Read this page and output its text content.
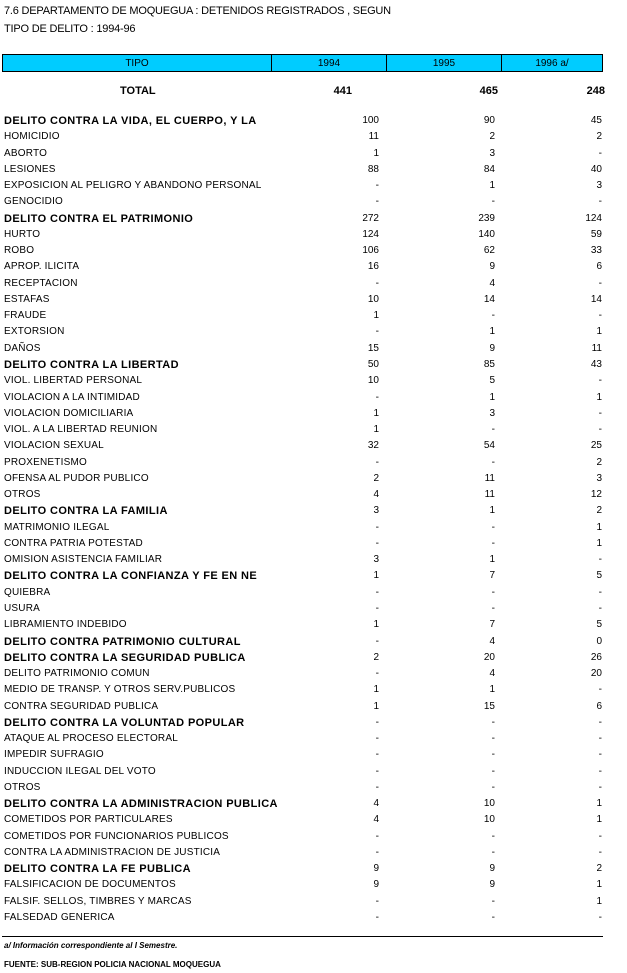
7.6 DEPARTAMENTO DE MOQUEGUA : DETENIDOS REGISTRADOS , SEGUN
TIPO DE DELITO : 1994-96
TIPO	1994	1995	1996 a/
TOTAL	441	465	248
DELITO CONTRA LA VIDA, EL CUERPO, Y LA	100	90	45
HOMICIDIO	11	2	2
ABORTO	1	3	-
LESIONES	88	84	40
EXPOSICION AL PELIGRO Y ABANDONO PERSONAL	-	1	3
GENOCIDIO	-	-	-
DELITO CONTRA EL PATRIMONIO	272	239	124
HURTO	124	140	59
ROBO	106	62	33
APROP. ILICITA	16	9	6
RECEPTACION	-	4	-
ESTAFAS	10	14	14
FRAUDE	1	-	-
EXTORSION	-	1	1
DAÑOS	15	9	11
DELITO CONTRA LA LIBERTAD	50	85	43
VIOL. LIBERTAD PERSONAL	10	5	-
VIOLACION A LA INTIMIDAD	-	1	1
VIOLACION DOMICILIARIA	1	3	-
VIOL. A LA LIBERTAD REUNION	1	-	-
VIOLACION SEXUAL	32	54	25
PROXENETISMO	-	-	2
OFENSA AL PUDOR PUBLICO	2	11	3
OTROS	4	11	12
DELITO CONTRA LA FAMILIA	3	1	2
MATRIMONIO ILEGAL	-	-	1
CONTRA PATRIA POTESTAD	-	-	1
OMISION ASISTENCIA FAMILIAR	3	1	-
DELITO CONTRA LA CONFIANZA Y FE EN NE	1	7	5
QUIEBRA	-	-	-
USURA	-	-	-
LIBRAMIENTO INDEBIDO	1	7	5
DELITO CONTRA PATRIMONIO CULTURAL	-	4	0
DELITO CONTRA LA SEGURIDAD PUBLICA	2	20	26
DELITO PATRIMONIO COMUN	-	4	20
MEDIO DE TRANSP. Y OTROS SERV.PUBLICOS	1	1	-
CONTRA SEGURIDAD PUBLICA	1	15	6
DELITO CONTRA LA VOLUNTAD POPULAR	-	-	-
ATAQUE AL PROCESO ELECTORAL	-	-	-
IMPEDIR SUFRAGIO	-	-	-
INDUCCION ILEGAL DEL VOTO	-	-	-
OTROS	-	-	-
DELITO CONTRA LA ADMINISTRACION PUBLICA	4	10	1
COMETIDOS POR PARTICULARES	4	10	1
COMETIDOS POR FUNCIONARIOS PUBLICOS	-	-	-
CONTRA LA ADMINISTRACION DE JUSTICIA	-	-	-
DELITO CONTRA LA FE PUBLICA	9	9	2
FALSIFICACION DE DOCUMENTOS	9	9	1
FALSIF. SELLOS, TIMBRES Y MARCAS	-	-	1
FALSEDAD GENERICA	-	-	-
a/ Información correspondiente al I Semestre.
FUENTE: SUB-REGION POLICIA NACIONAL MOQUEGUA
